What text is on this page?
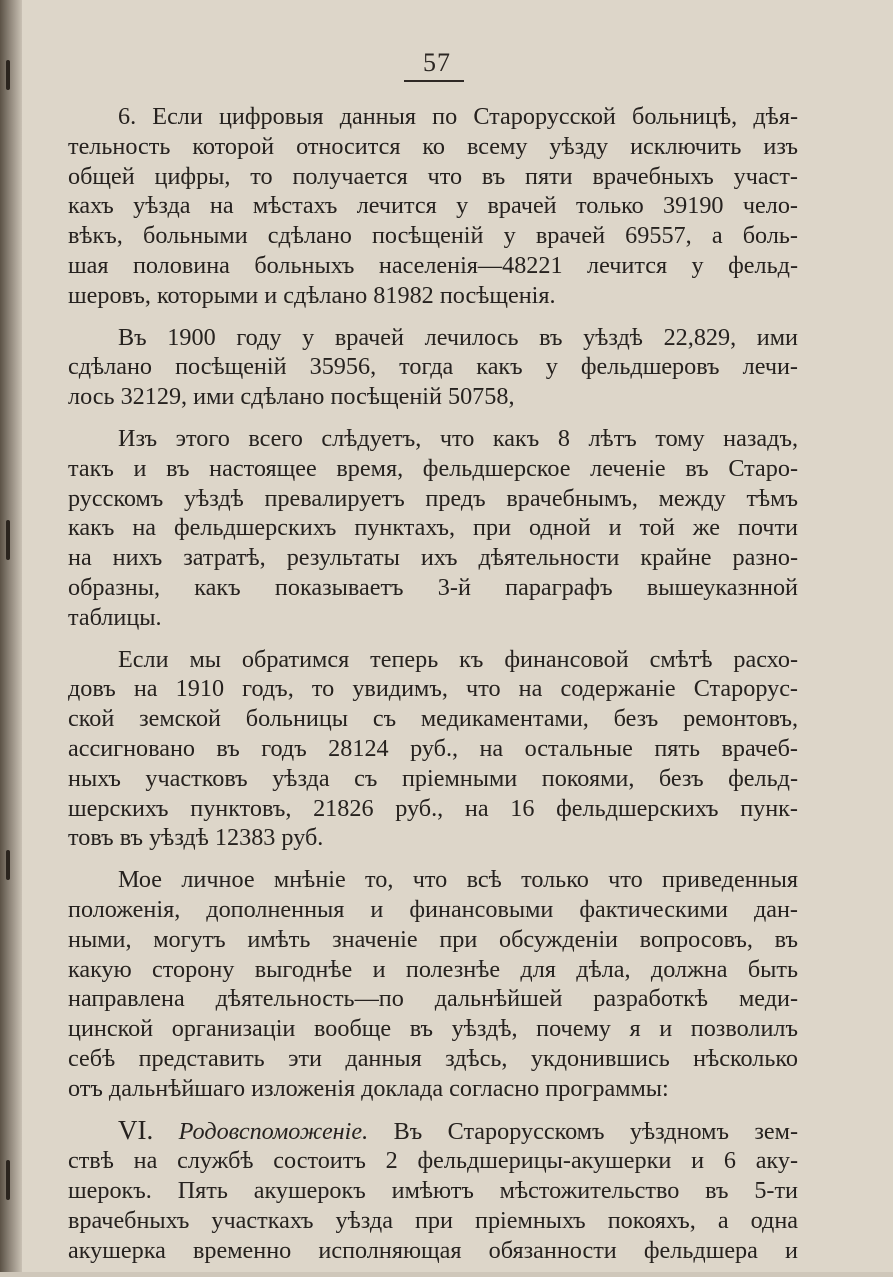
57

6. Если цифровыя данныя по Старорусской больницѣ, дѣя-
тельность которой относится ко всему уѣзду исключить изъ
общей цифры, то получается что въ пяти врачебныхъ участ-
кахъ уѣзда на мѣстахъ лечится у врачей только 39190 чело-
вѣкъ, больными сдѣлано посѣщеній у врачей 69557, а боль-
шая половина больныхъ населенія—48221 лечится у фельд-
шеровъ, которыми и сдѣлано 81982 посѣщенія.

Въ 1900 году у врачей лечилось въ уѣздѣ 22,829, ими
сдѣлано посѣщеній 35956, тогда какъ у фельдшеровъ лечи-
лось 32129, ими сдѣлано посѣщеній 50758,

Изъ этого всего слѣдуетъ, что какъ 8 лѣтъ тому назадъ,
такъ и въ настоящее время, фельдшерское леченіе въ Старо-
русскомъ уѣздѣ превалируетъ предъ врачебнымъ, между тѣмъ
какъ на фельдшерскихъ пунктахъ, при одной и той же почти
на нихъ затратѣ, результаты ихъ дѣятельности крайне разно-
образны, какъ показываетъ 3-й параграфъ вышеуказнной
таблицы.

Если мы обратимся теперь къ финансовой смѣтѣ расхо-
довъ на 1910 годъ, то увидимъ, что на содержаніе Старорус-
ской земской больницы съ медикаментами, безъ ремонтовъ,
ассигновано въ годъ 28124 руб., на остальные пять врачеб-
ныхъ участковъ уѣзда съ пріемными покоями, безъ фельд-
шерскихъ пунктовъ, 21826 руб., на 16 фельдшерскихъ пунк-
товъ въ уѣздѣ 12383 руб.

Мое личное мнѣніе то, что всѣ только что приведенныя
положенія, дополненныя и финансовыми фактическими дан-
ными, могутъ имѣть значеніе при обсужденіи вопросовъ, въ
какую сторону выгоднѣе и полезнѣе для дѣла, должна быть
направлена дѣятельность—по дальнѣйшей разработкѣ меди-
цинской организаціи вообще въ уѣздѣ, почему я и позволилъ
себѣ представить эти данныя здѣсь, укдонившись нѣсколько
отъ дальнѣйшаго изложенія доклада согласно программы:

VI. Родовспоможеніе. Въ Старорусскомъ уѣздномъ зем-
ствѣ на службѣ состоитъ 2 фельдшерицы-акушерки и 6 аку-
шерокъ. Пять акушерокъ имѣютъ мѣстожительство въ 5-ти
врачебныхъ участкахъ уѣзда при пріемныхъ покояхъ, а одна
акушерка временно исполняющая обязанности фельдшера и
